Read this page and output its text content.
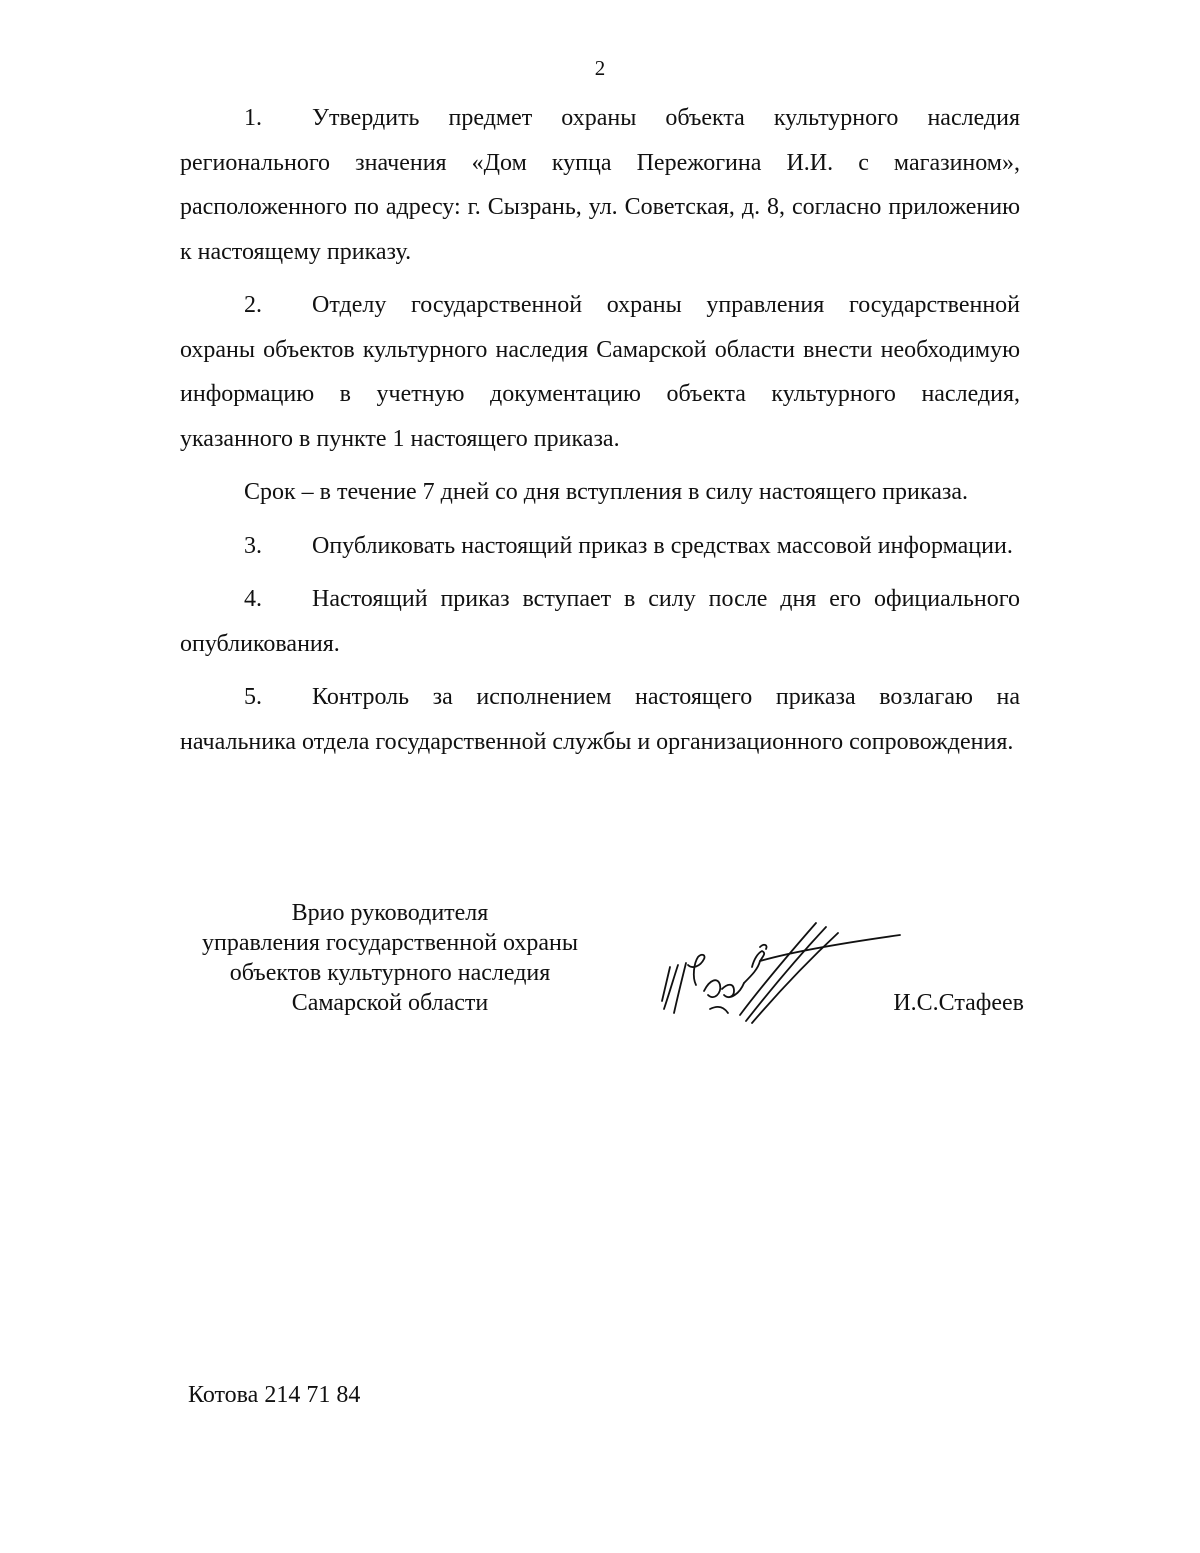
2

1. Утвердить предмет охраны объекта культурного наследия регионального значения «Дом купца Пережогина И.И. с магазином», расположенного по адресу: г. Сызрань, ул. Советская, д. 8, согласно приложению к настоящему приказу.

2. Отделу государственной охраны управления государственной охраны объектов культурного наследия Самарской области внести необходимую информацию в учетную документацию объекта культурного наследия, указанного в пункте 1 настоящего приказа.

Срок – в течение 7 дней со дня вступления в силу настоящего приказа.

3. Опубликовать настоящий приказ в средствах массовой информации.

4. Настоящий приказ вступает в силу после дня его официального опубликования.

5. Контроль за исполнением настоящего приказа возлагаю на начальника отдела государственной службы и организационного сопровождения.

Врио руководителя
управления государственной охраны
объектов культурного наследия
Самарской области	И.С.Стафеев
Котова 214 71 84
